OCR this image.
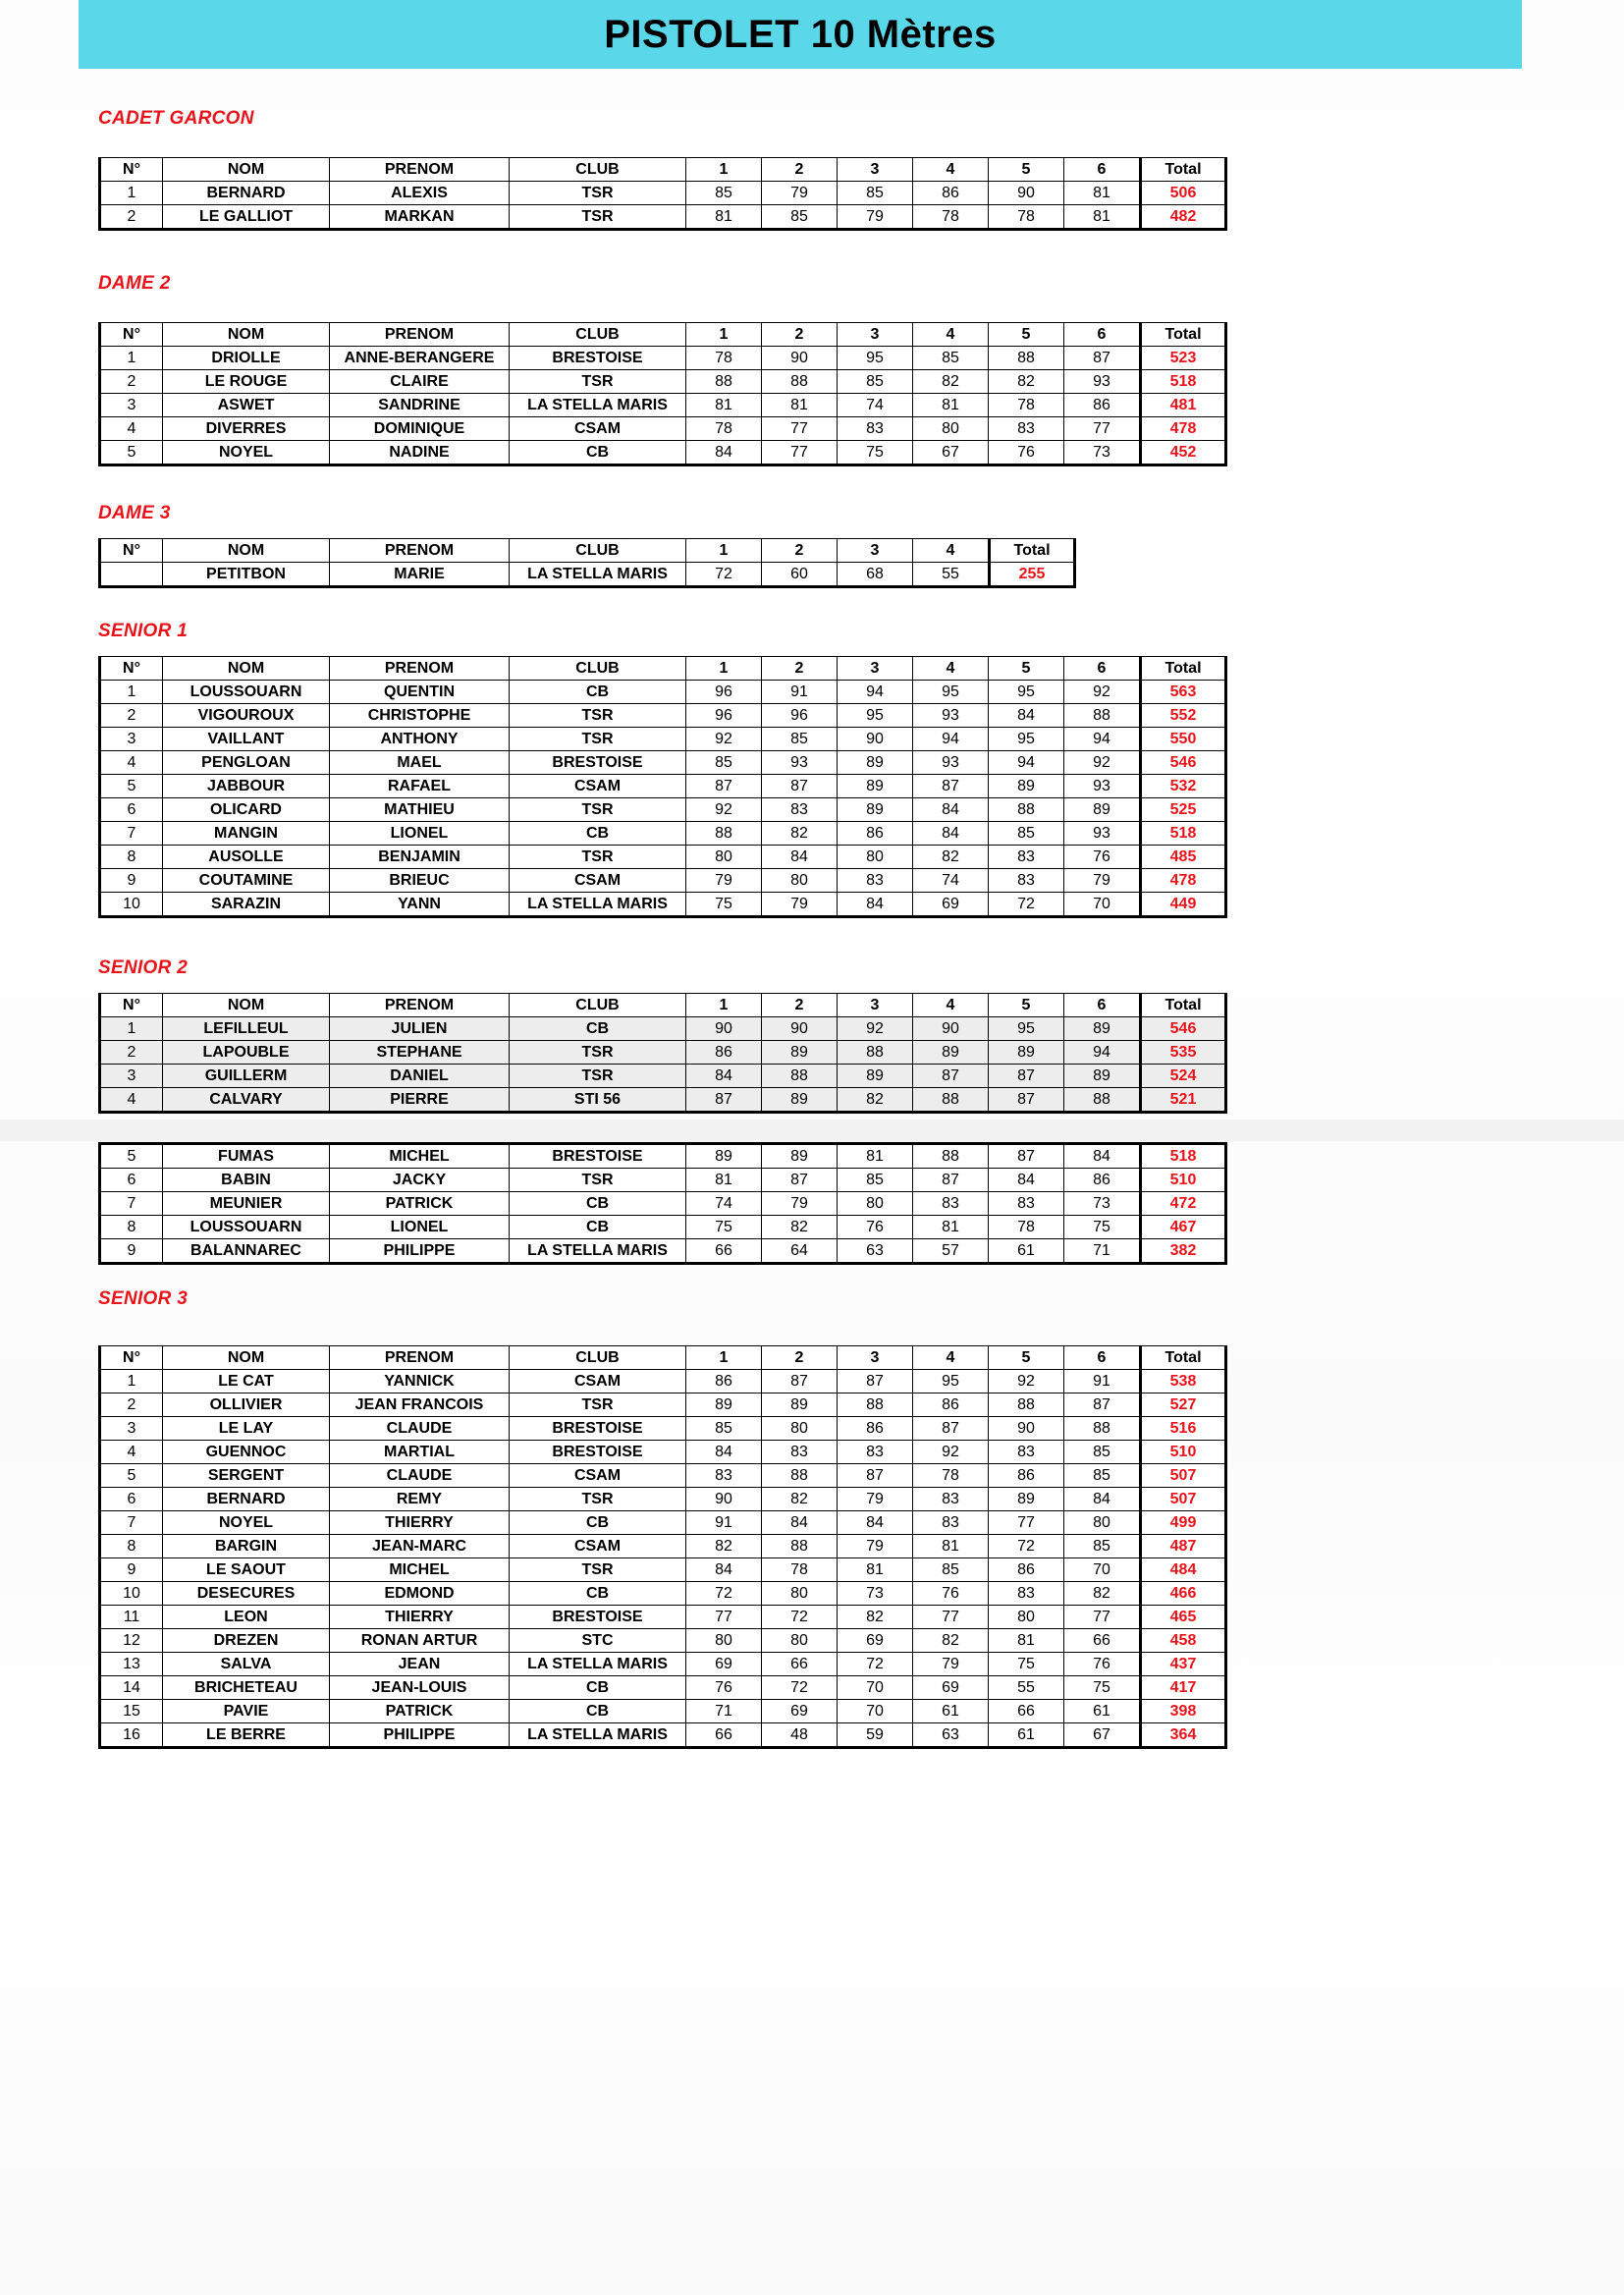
PISTOLET 10 Mètres
CADET GARCON
N°	NOM	PRENOM	CLUB	1	2	3	4	5	6	Total
1	BERNARD	ALEXIS	TSR	85	79	85	86	90	81	506
2	LE GALLIOT	MARKAN	TSR	81	85	79	78	78	81	482
DAME 2
N°	NOM	PRENOM	CLUB	1	2	3	4	5	6	Total
1	DRIOLLE	ANNE-BERANGERE	BRESTOISE	78	90	95	85	88	87	523
2	LE ROUGE	CLAIRE	TSR	88	88	85	82	82	93	518
3	ASWET	SANDRINE	LA STELLA MARIS	81	81	74	81	78	86	481
4	DIVERRES	DOMINIQUE	CSAM	78	77	83	80	83	77	478
5	NOYEL	NADINE	CB	84	77	75	67	76	73	452
DAME 3
N°	NOM	PRENOM	CLUB	1	2	3	4	Total
	PETITBON	MARIE	LA STELLA MARIS	72	60	68	55	255
SENIOR 1
N°	NOM	PRENOM	CLUB	1	2	3	4	5	6	Total
1	LOUSSOUARN	QUENTIN	CB	96	91	94	95	95	92	563
2	VIGOUROUX	CHRISTOPHE	TSR	96	96	95	93	84	88	552
3	VAILLANT	ANTHONY	TSR	92	85	90	94	95	94	550
4	PENGLOAN	MAEL	BRESTOISE	85	93	89	93	94	92	546
5	JABBOUR	RAFAEL	CSAM	87	87	89	87	89	93	532
6	OLICARD	MATHIEU	TSR	92	83	89	84	88	89	525
7	MANGIN	LIONEL	CB	88	82	86	84	85	93	518
8	AUSOLLE	BENJAMIN	TSR	80	84	80	82	83	76	485
9	COUTAMINE	BRIEUC	CSAM	79	80	83	74	83	79	478
10	SARAZIN	YANN	LA STELLA MARIS	75	79	84	69	72	70	449
SENIOR 2
N°	NOM	PRENOM	CLUB	1	2	3	4	5	6	Total
1	LEFILLEUL	JULIEN	CB	90	90	92	90	95	89	546
2	LAPOUBLE	STEPHANE	TSR	86	89	88	89	89	94	535
3	GUILLERM	DANIEL	TSR	84	88	89	87	87	89	524
4	CALVARY	PIERRE	STI 56	87	89	82	88	87	88	521
5	FUMAS	MICHEL	BRESTOISE	89	89	81	88	87	84	518
6	BABIN	JACKY	TSR	81	87	85	87	84	86	510
7	MEUNIER	PATRICK	CB	74	79	80	83	83	73	472
8	LOUSSOUARN	LIONEL	CB	75	82	76	81	78	75	467
9	BALANNAREC	PHILIPPE	LA STELLA MARIS	66	64	63	57	61	71	382
SENIOR 3
N°	NOM	PRENOM	CLUB	1	2	3	4	5	6	Total
1	LE CAT	YANNICK	CSAM	86	87	87	95	92	91	538
2	OLLIVIER	JEAN FRANCOIS	TSR	89	89	88	86	88	87	527
3	LE LAY	CLAUDE	BRESTOISE	85	80	86	87	90	88	516
4	GUENNOC	MARTIAL	BRESTOISE	84	83	83	92	83	85	510
5	SERGENT	CLAUDE	CSAM	83	88	87	78	86	85	507
6	BERNARD	REMY	TSR	90	82	79	83	89	84	507
7	NOYEL	THIERRY	CB	91	84	84	83	77	80	499
8	BARGIN	JEAN-MARC	CSAM	82	88	79	81	72	85	487
9	LE SAOUT	MICHEL	TSR	84	78	81	85	86	70	484
10	DESECURES	EDMOND	CB	72	80	73	76	83	82	466
11	LEON	THIERRY	BRESTOISE	77	72	82	77	80	77	465
12	DREZEN	RONAN ARTUR	STC	80	80	69	82	81	66	458
13	SALVA	JEAN	LA STELLA MARIS	69	66	72	79	75	76	437
14	BRICHETEAU	JEAN-LOUIS	CB	76	72	70	69	55	75	417
15	PAVIE	PATRICK	CB	71	69	70	61	66	61	398
16	LE BERRE	PHILIPPE	LA STELLA MARIS	66	48	59	63	61	67	364
